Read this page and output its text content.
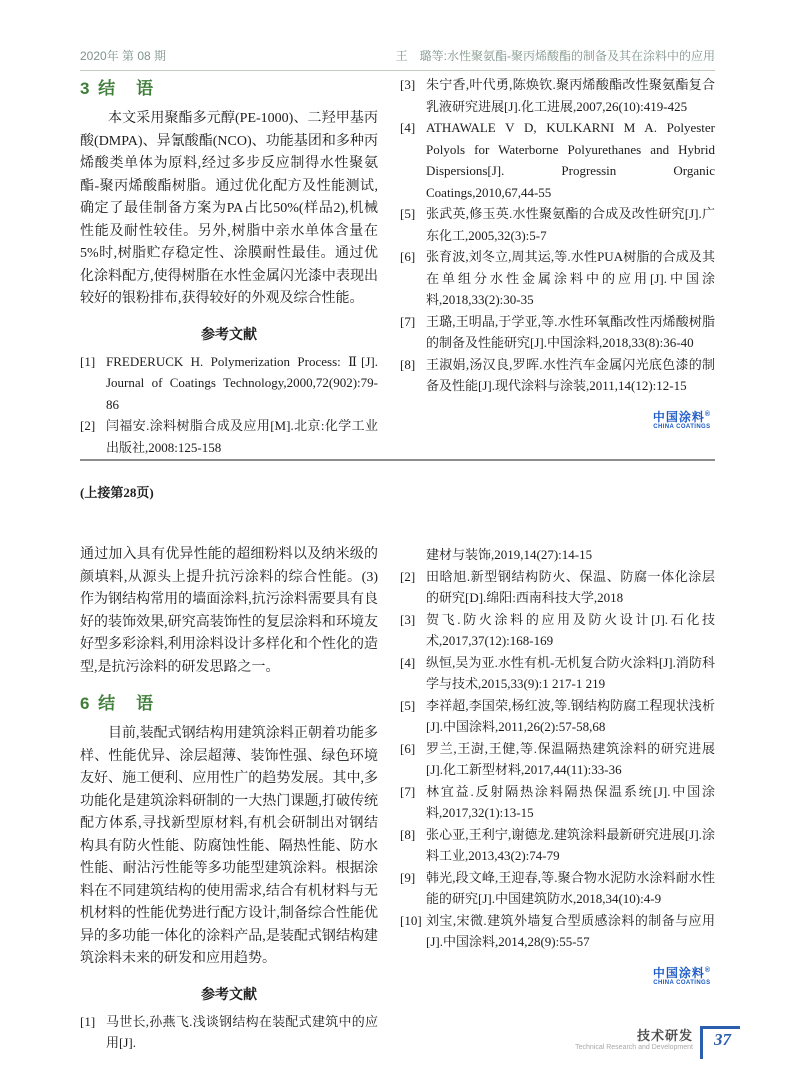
2020年 第 08 期	王　璐等:水性聚氨酯-聚丙烯酸酯的制备及其在涂料中的应用
3 结　语

本文采用聚酯多元醇(PE-1000)、二羟甲基丙酸(DMPA)、异氰酸酯(NCO)、功能基团和多种丙烯酸类单体为原料,经过多步反应制得水性聚氨酯-聚丙烯酸酯树脂。通过优化配方及性能测试,确定了最佳制备方案为PA占比50%(样品2),机械性能及耐性较佳。另外,树脂中亲水单体含量在5%时,树脂贮存稳定性、涂膜耐性最佳。通过优化涂料配方,使得树脂在水性金属闪光漆中表现出较好的银粉排布,获得较好的外观及综合性能。

参考文献
[1] FREDERUCK H. Polymerization Process: Ⅱ[J]. Journal of Coatings Technology,2000,72(902):79-86
[2] 闫福安.涂料树脂合成及应用[M].北京:化学工业出版社,2008:125-158
[3] 朱宁香,叶代勇,陈焕钦.聚丙烯酸酯改性聚氨酯复合乳液研究进展[J].化工进展,2007,26(10):419-425
[4] ATHAWALE V D, KULKARNI M A. Polyester Polyols for Waterborne Polyurethanes and Hybrid Dispersions[J]. Progressin Organic Coatings,2010,67,44-55
[5] 张武英,修玉英.水性聚氨酯的合成及改性研究[J].广东化工,2005,32(3):5-7
[6] 张育波,刘冬立,周其运,等.水性PUA树脂的合成及其在单组分水性金属涂料中的应用[J].中国涂料,2018,33(2):30-35
[7] 王璐,王明晶,于学亚,等.水性环氧酯改性丙烯酸树脂的制备及性能研究[J].中国涂料,2018,33(8):36-40
[8] 王淑娟,汤汉良,罗晖.水性汽车金属闪光底色漆的制备及性能[J].现代涂料与涂装,2011,14(12):12-15
中国涂料®
CHINA COATINGS
(上接第28页)

通过加入具有优异性能的超细粉料以及纳米级的颜填料,从源头上提升抗污涂料的综合性能。(3)作为钢结构常用的墙面涂料,抗污涂料需要具有良好的装饰效果,研究高装饰性的复层涂料和环境友好型多彩涂料,利用涂料设计多样化和个性化的造型,是抗污涂料的研发思路之一。

6 结　语

目前,装配式钢结构用建筑涂料正朝着功能多样、性能优异、涂层超薄、装饰性强、绿色环境友好、施工便利、应用性广的趋势发展。其中,多功能化是建筑涂料研制的一大热门课题,打破传统配方体系,寻找新型原材料,有机会研制出对钢结构具有防火性能、防腐蚀性能、隔热性能、防水性能、耐沾污性能等多功能型建筑涂料。根据涂料在不同建筑结构的使用需求,结合有机材料与无机材料的性能优势进行配方设计,制备综合性能优异的多功能一体化的涂料产品,是装配式钢结构建筑涂料未来的研发和应用趋势。

参考文献
[1] 马世长,孙燕飞.浅谈钢结构在装配式建筑中的应用[J].
建材与装饰,2019,14(27):14-15
[2] 田晗旭.新型钢结构防火、保温、防腐一体化涂层的研究[D].绵阳:西南科技大学,2018
[3] 贺飞.防火涂料的应用及防火设计[J].石化技术,2017,37(12):168-169
[4] 纵恒,吴为亚.水性有机-无机复合防火涂料[J].消防科学与技术,2015,33(9):1 217-1 219
[5] 李祥超,李国荣,杨红波,等.钢结构防腐工程现状浅析[J].中国涂料,2011,26(2):57-58,68
[6] 罗兰,王澍,王健,等.保温隔热建筑涂料的研究进展[J].化工新型材料,2017,44(11):33-36
[7] 林宜益.反射隔热涂料隔热保温系统[J].中国涂料,2017,32(1):13-15
[8] 张心亚,王利宁,谢德龙.建筑涂料最新研究进展[J].涂料工业,2013,43(2):74-79
[9] 韩光,段文峰,王迎春,等.聚合物水泥防水涂料耐水性能的研究[J].中国建筑防水,2018,34(10):4-9
[10] 刘宝,宋微.建筑外墙复合型质感涂料的制备与应用[J].中国涂料,2014,28(9):55-57
中国涂料®
CHINA COATINGS
技术研发
Technical Research and Development	37
